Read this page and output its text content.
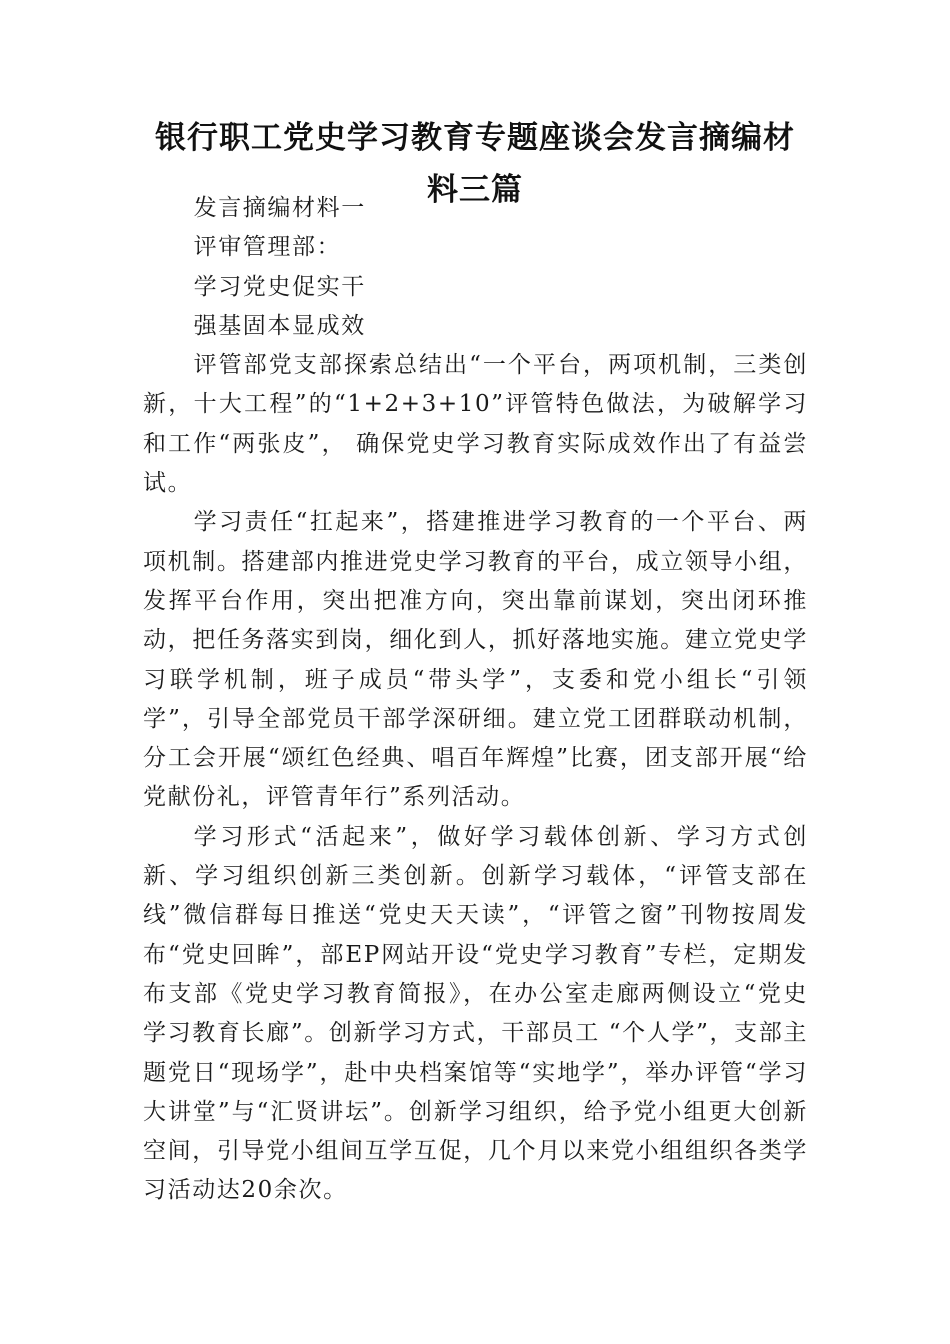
银行职工党史学习教育专题座谈会发言摘编材料三篇

发言摘编材料一

评审管理部：

学习党史促实干

强基固本显成效

评管部党支部探索总结出“一个平台，两项机制，三类创新，十大工程”的“1+2+3+10”评管特色做法，为破解学习和工作“两张皮”， 确保党史学习教育实际成效作出了有益尝试。

学习责任“扛起来”，搭建推进学习教育的一个平台、两项机制。搭建部内推进党史学习教育的平台，成立领导小组，发挥平台作用，突出把准方向，突出靠前谋划，突出闭环推动，把任务落实到岗，细化到人，抓好落地实施。建立党史学习联学机制，班子成员“带头学”，支委和党小组长“引领学”，引导全部党员干部学深研细。建立党工团群联动机制，分工会开展“颂红色经典、唱百年辉煌”比赛，团支部开展“给党献份礼，评管青年行”系列活动。

学习形式“活起来”，做好学习载体创新、学习方式创新、学习组织创新三类创新。创新学习载体，“评管支部在线”微信群每日推送“党史天天读”，“评管之窗”刊物按周发布“党史回眸”，部EP网站开设“党史学习教育”专栏，定期发布支部《党史学习教育简报》，在办公室走廊两侧设立“党史学习教育长廊”。创新学习方式，干部员工 “个人学”，支部主题党日“现场学”，赴中央档案馆等“实地学”，举办评管“学习大讲堂”与“汇贤讲坛”。创新学习组织，给予党小组更大创新空间，引导党小组间互学互促，几个月以来党小组组织各类学习活动达20余次。
